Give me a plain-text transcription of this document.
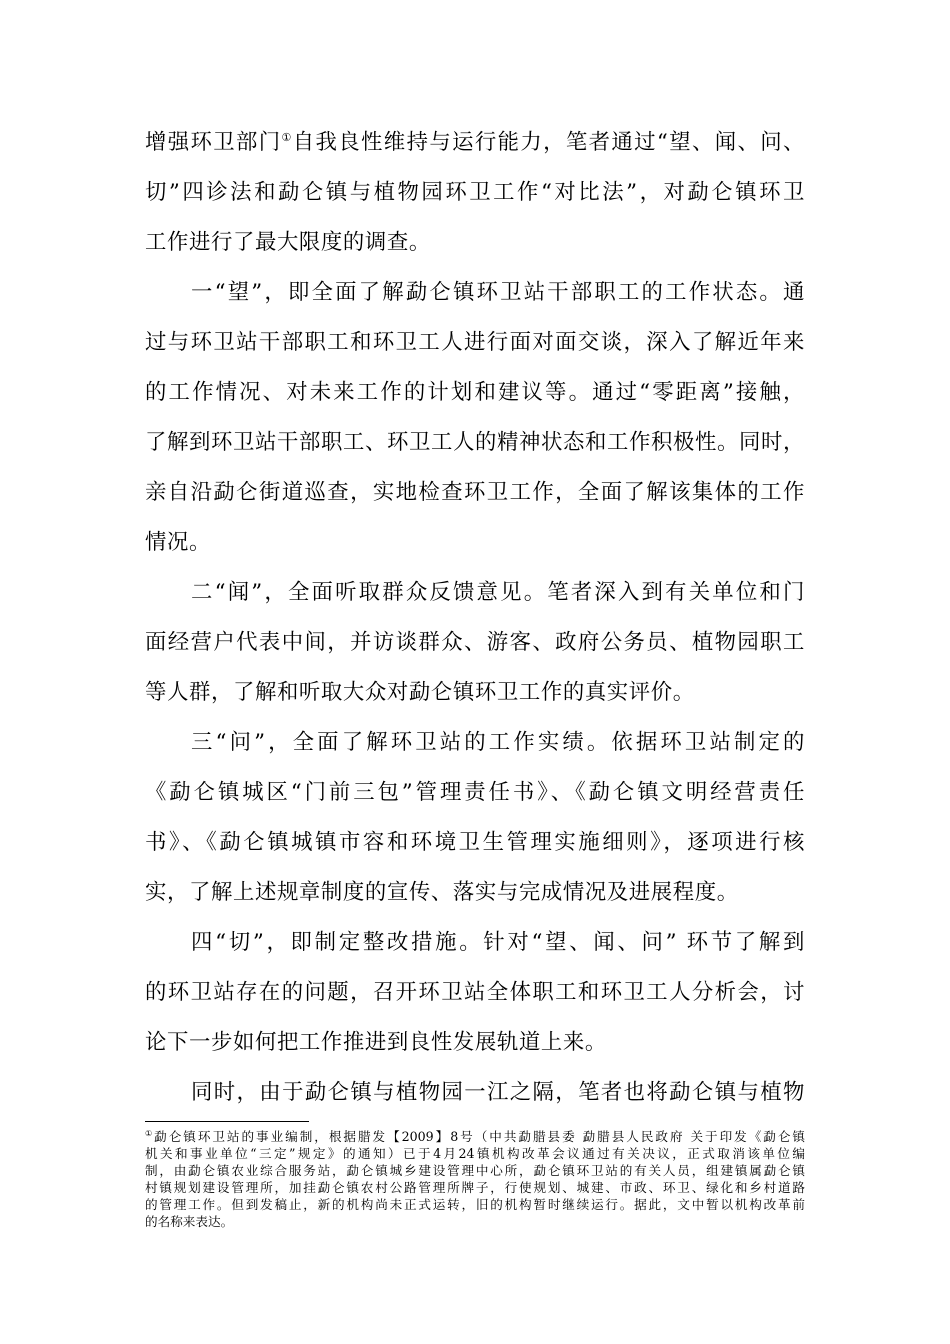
增强环卫部门①自我良性维持与运行能力，笔者通过“望、闻、问、
切”四诊法和勐仑镇与植物园环卫工作“对比法”，对勐仑镇环卫
工作进行了最大限度的调查。
一“望”，即全面了解勐仑镇环卫站干部职工的工作状态。通
过与环卫站干部职工和环卫工人进行面对面交谈，深入了解近年来
的工作情况、对未来工作的计划和建议等。通过“零距离”接触，
了解到环卫站干部职工、环卫工人的精神状态和工作积极性。同时，
亲自沿勐仑街道巡查，实地检查环卫工作，全面了解该集体的工作
情况。
二“闻”，全面听取群众反馈意见。笔者深入到有关单位和门
面经营户代表中间，并访谈群众、游客、政府公务员、植物园职工
等人群，了解和听取大众对勐仑镇环卫工作的真实评价。
三“问”，全面了解环卫站的工作实绩。依据环卫站制定的
《勐仑镇城区“门前三包”管理责任书》、《勐仑镇文明经营责任
书》、《勐仑镇城镇市容和环境卫生管理实施细则》，逐项进行核
实，了解上述规章制度的宣传、落实与完成情况及进展程度。
四“切”，即制定整改措施。针对“望、闻、问” 环节了解到
的环卫站存在的问题，召开环卫站全体职工和环卫工人分析会，讨
论下一步如何把工作推进到良性发展轨道上来。
同时，由于勐仑镇与植物园一江之隔，笔者也将勐仑镇与植物
①勐仑镇环卫站的事业编制，根据腊发【2009】8号（中共勐腊县委 勐腊县人民政府 关于印发《勐仑镇
机关和事业单位“三定”规定》的通知）已于4月24镇机构改革会议通过有关决议，正式取消该单位编
制，由勐仑镇农业综合服务站，勐仑镇城乡建设管理中心所，勐仑镇环卫站的有关人员，组建镇属勐仑镇
村镇规划建设管理所，加挂勐仑镇农村公路管理所牌子，行使规划、城建、市政、环卫、绿化和乡村道路
的管理工作。但到发稿止，新的机构尚未正式运转，旧的机构暂时继续运行。据此，文中暂以机构改革前
的名称来表达。
